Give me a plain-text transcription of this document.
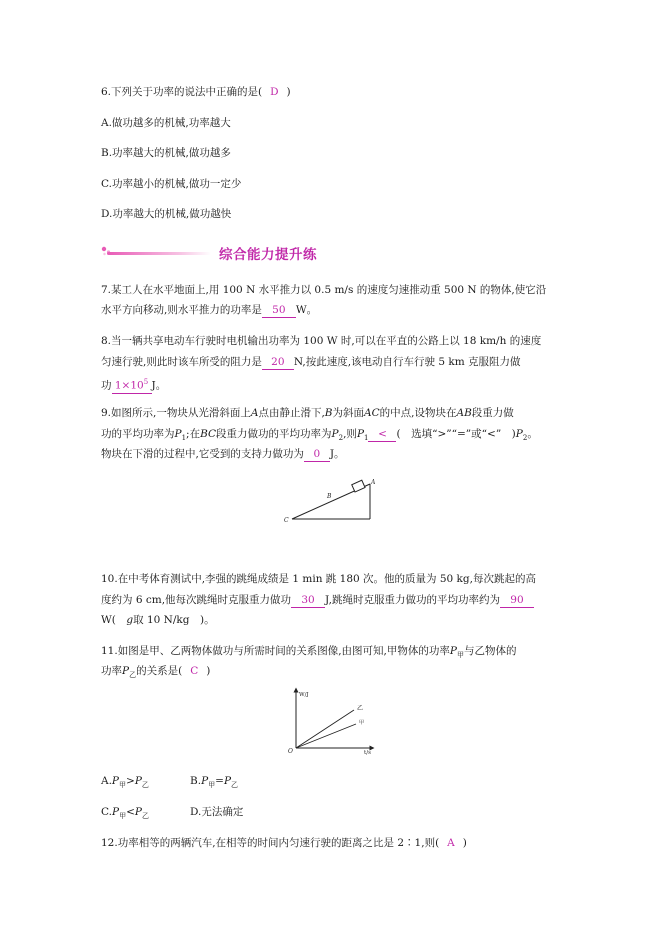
6.下列关于功率的说法中正确的是( D )
A.做功越多的机械,功率越大
B.功率越大的机械,做功越多
C.功率越小的机械,做功一定少
D.功率越大的机械,做功越快
综合能力提升练
7.某工人在水平地面上,用 100 N 水平推力以 0.5 m/s 的速度匀速推动重 500 N 的物体,使它沿
水平方向移动,则水平推力的功率是 50 W。
8.当一辆共享电动车行驶时电机输出功率为 100 W 时,可以在平直的公路上以 18 km/h 的速度
匀速行驶,则此时该车所受的阻力是 20 N,按此速度,该电动自行车行驶 5 km 克服阻力做
功 $1\times 10^5$ J。
9.如图所示,一物块从光滑斜面上A点由静止滑下,B为斜面AC的中点,设物块在AB段重力做
功的平均功率为$P_1$;在BC段重力做功的平均功率为$P_2$,则$P_1$ < (　选填“>”“=”或“<”　)$P_2$。
物块在下滑的过程中,它受到的支持力做功为 0 J。
A
B
C
10.在中考体育测试中,李强的跳绳成绩是 1 min 跳 180 次。他的质量为 50 kg,每次跳起的高
度约为 6 cm,他每次跳绳时克服重力做功 30 J,跳绳时克服重力做功的平均功率约为 90
W(　g取 10 N/kg　)。
11.如图是甲、乙两物体做功与所需时间的关系图像,由图可知,甲物体的功率$P_甲$与乙物体的
功率$P_乙$的关系是( C )
W/J
t/s
O
乙
甲
$A.P_甲>P_乙$	$B.P_甲=P_乙$
$C.P_甲<P_乙$	D.无法确定
12.功率相等的两辆汽车,在相等的时间内匀速行驶的距离之比是 2∶1,则( A )
